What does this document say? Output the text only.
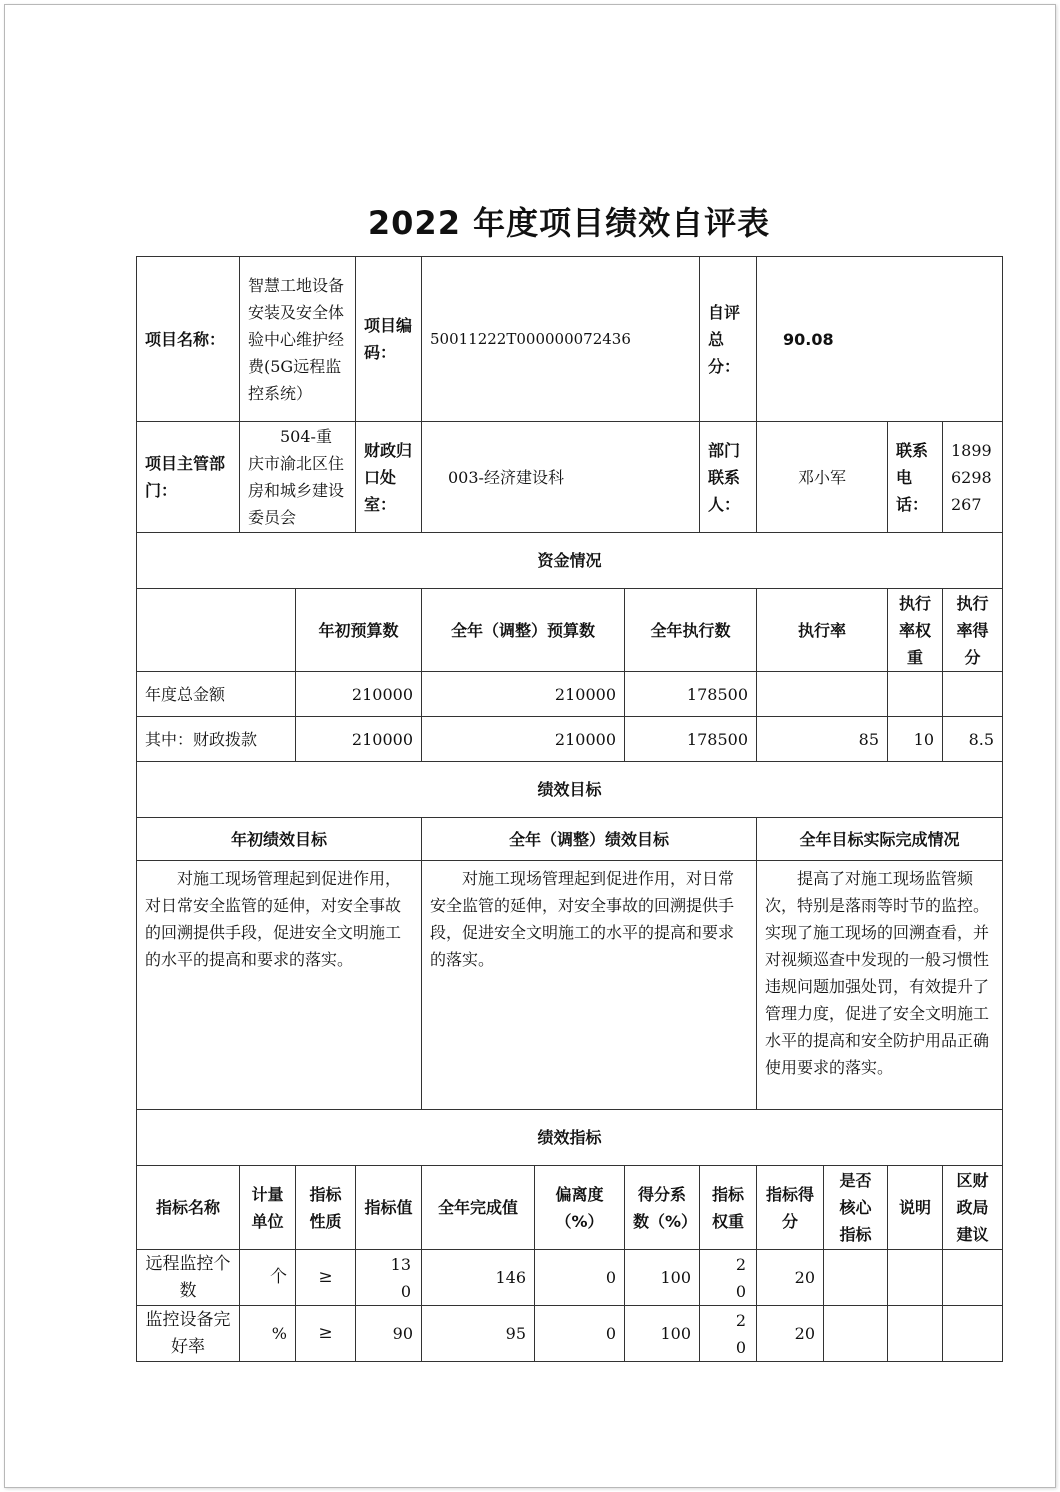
2022 年度项目绩效自评表
项目名称：	智慧工地设备安装及安全体验中心维护经费(5G远程监控系统）		项目编码：	50011222T000000072436			自评总分：	90.08			
项目主管部门：	504-重庆市渝北区住房和城乡建设委员会		财政归口处室：	003-经济建设科			部门联系人：	邓小军		联系电话：	18996298267
资金情况											
		年初预算数		全年（调整）预算数		全年执行数		执行率		执行率权重	执行率得分
年度总金额		210000		210000		178500					
其中：财政拨款		210000		210000		178500		85		10	8.5
绩效目标											
年初绩效目标				全年（调整）绩效目标				全年目标实际完成情况			
对施工现场管理起到促进作用，对日常安全监管的延伸，对安全事故的回溯提供手段，促进安全文明施工的水平的提高和要求的落实。				对施工现场管理起到促进作用，对日常安全监管的延伸，对安全事故的回溯提供手段，促进安全文明施工的水平的提高和要求的落实。				提高了对施工现场监管频次，特别是落雨等时节的监控。实现了施工现场的回溯查看，并对视频巡查中发现的一般习惯性违规问题加强处罚，有效提升了管理力度，促进了安全文明施工水平的提高和安全防护用品正确使用要求的落实。			
绩效指标											
指标名称	计量单位	指标性质	指标值	全年完成值	偏离度（%）	得分系数（%）	指标权重	指标得分	是否核心指标	说明	区财政局建议
远程监控个数	个	≥	130	146	0	100	20	20			
监控设备完好率	%	≥	90	95	0	100	20	20			
